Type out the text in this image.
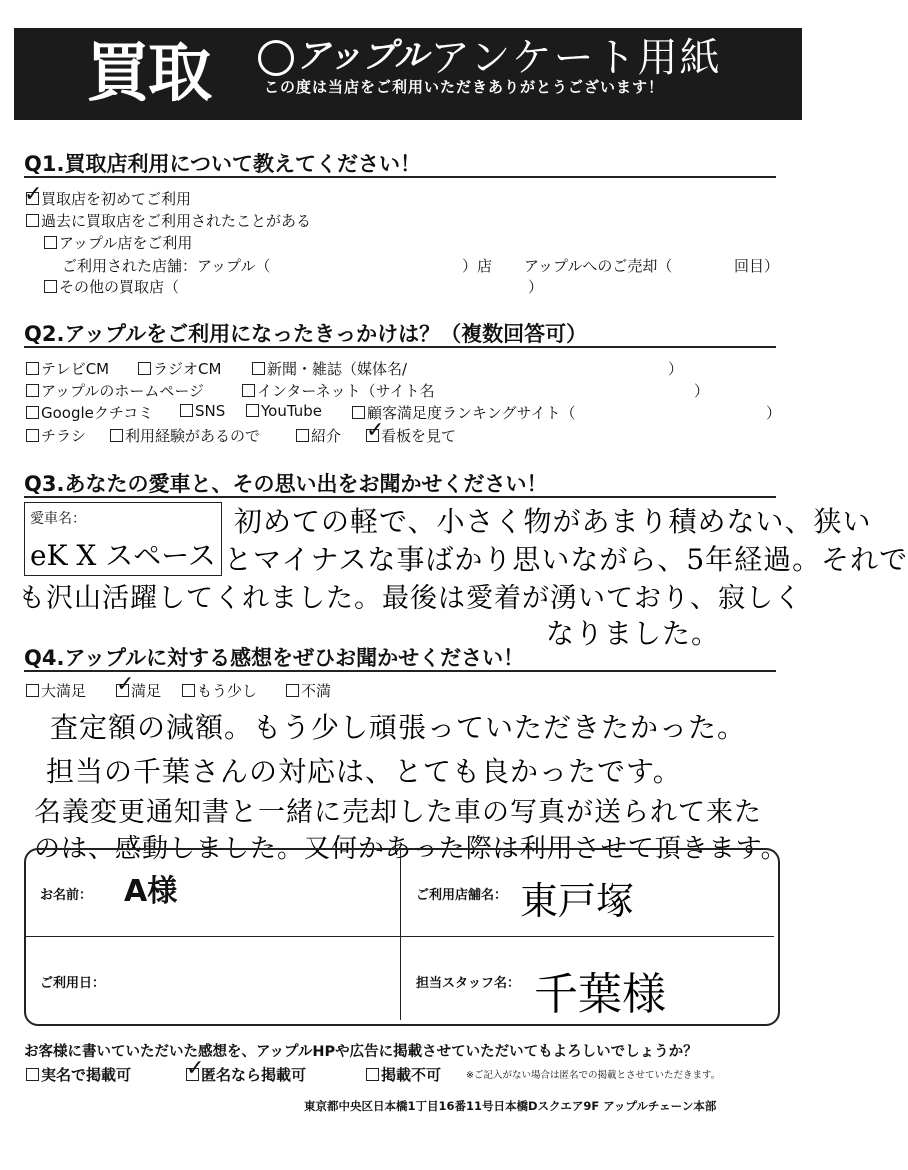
買取	アップル アンケート用紙
この度は当店をご利用いただきありがとうございます！
Q1.買取店利用について教えてください！
買取店を初めてご利用
✓
過去に買取店をご利用されたことがある
アップル店をご利用
ご利用された店舗：アップル（	）店 アップルへのご売却（	回目）
その他の買取店（	）
Q2.アップルをご利用になったきっかけは？（複数回答可）
テレビCM	ラジオCM	新聞・雑誌（媒体名/	）
アップルのホームページ	インターネット（サイト名	）
Googleクチコミ	SNS	YouTube	顧客満足度ランキングサイト（	）
チラシ	利用経験があるので	紹介	看板を見て
✓
Q3.あなたの愛車と、その思い出をお聞かせください！
愛車名：
eK X スペース
初めての軽で、小さく物があまり積めない、狭い
とマイナスな事ばかり思いながら、5年経過。それで
も沢山活躍してくれました。最後は愛着が湧いており、寂しく
なりました。
Q4.アップルに対する感想をぜひお聞かせください！
大満足	満足
✓	もう少し	不満
査定額の減額。もう少し頑張っていただきたかった。
担当の千葉さんの対応は、とても良かったです。
名義変更通知書と一緒に売却した車の写真が送られて来た
のは、感動しました。又何かあった際は利用させて頂きます。
お名前： A様	ご利用店舗名： 東戸塚
ご利用日：	担当スタッフ名： 千葉様
お客様に書いていただいた感想を、アップルHPや広告に掲載させていただいてもよろしいでしょうか？
実名で掲載可	匿名なら掲載可
✓	掲載不可	※ご記入がない場合は匿名での掲載とさせていただきます。
東京都中央区日本橋1丁目16番11号日本橋Dスクエア9F アップルチェーン本部
